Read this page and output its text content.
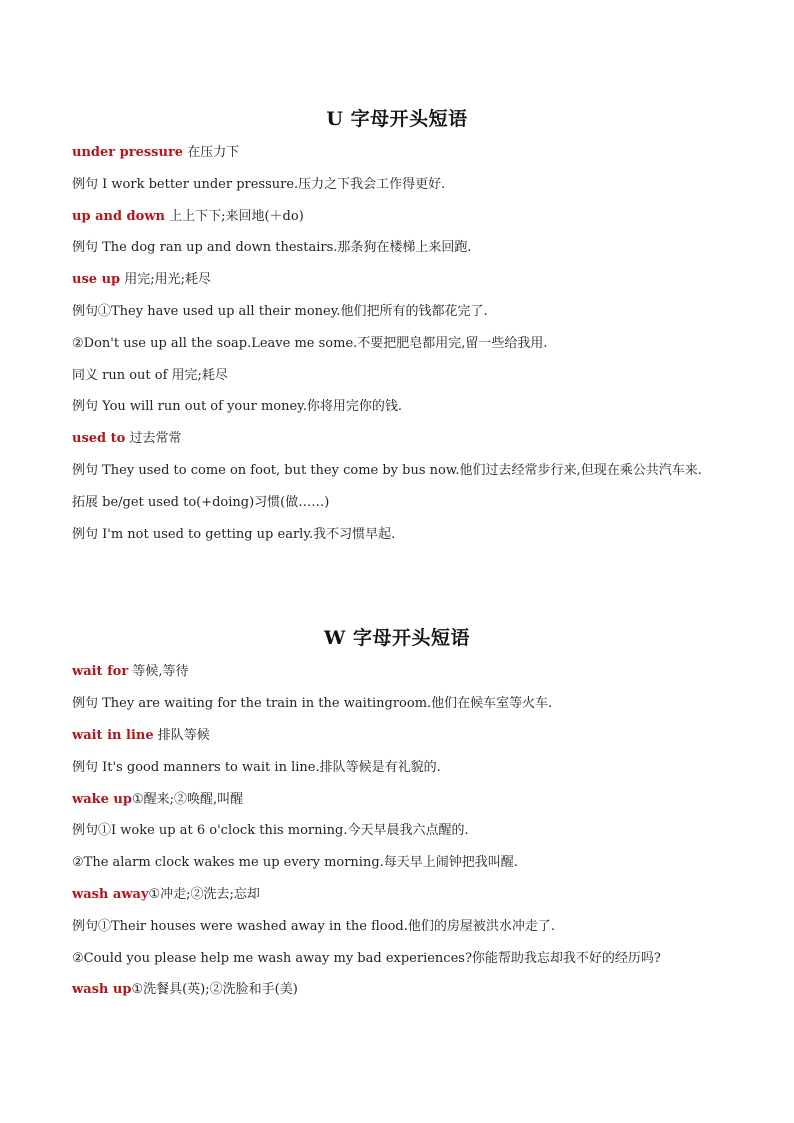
U 字母开头短语
under pressure 在压力下
例句 I work better under pressure.压力之下我会工作得更好.
up and down 上上下下;来回地(＋do)
例句 The dog ran up and down thestairs.那条狗在楼梯上来回跑.
use up 用完;用光;耗尽
例句①They have used up all their money.他们把所有的钱都花完了.
②Don't use up all the soap.Leave me some.不要把肥皂都用完,留一些给我用.
同义 run out of 用完;耗尽
例句 You will run out of your money.你将用完你的钱.
used to 过去常常
例句 They used to come on foot, but they come by bus now.他们过去经常步行来,但现在乘公共汽车来.
拓展 be/get used to(+doing)习惯(做……)
例句 I'm not used to getting up early.我不习惯早起.
W 字母开头短语
wait for 等候,等待
例句 They are waiting for the train in the waitingroom.他们在候车室等火车.
wait in line 排队等候
例句 It's good manners to wait in line.排队等候是有礼貌的.
wake up①醒来;②唤醒,叫醒
例句①I woke up at 6 o'clock this morning.今天早晨我六点醒的.
②The alarm clock wakes me up every morning.每天早上闹钟把我叫醒.
wash away①冲走;②洗去;忘却
例句①Their houses were washed away in the flood.他们的房屋被洪水冲走了.
②Could you please help me wash away my bad experiences?你能帮助我忘却我不好的经历吗?
wash up①洗餐具(英);②洗脸和手(美)
